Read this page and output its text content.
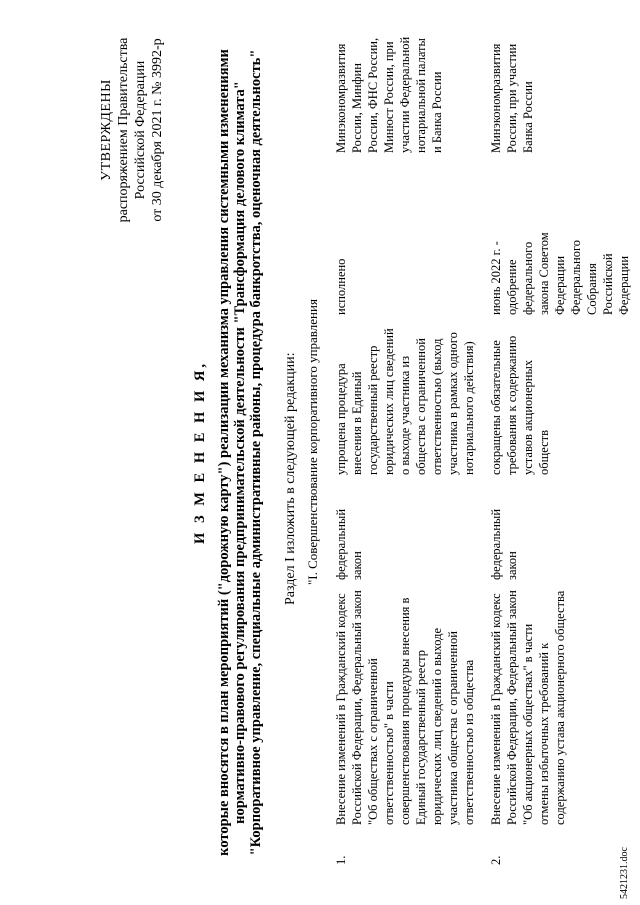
УТВЕРЖДЕНЫ распоряжением Правительства Российской Федерации от 30 декабря 2021 г. № 3992-р
И З М Е Н Е Н И Я, которые вносятся в план мероприятий ("дорожную карту") реализации механизма управления системными изменениями нормативно-правового регулирования предпринимательской деятельности "Трансформация делового климата" "Корпоративное управление, специальные административные районы, процедура банкротства, оценочная деятельность" Раздел I изложить в следующей редакции: "I. Совершенствование корпоративного управления
1.
Внесение изменений в Гражданский кодекс Российской Федерации, Федеральный закон "Об обществах с ограниченной ответственностью" в части совершенствования процедуры внесения в Единый государственный реестр юридических лиц сведений о выходе участника общества с ограниченной ответственностью из общества
федеральный закон
упрощена процедура внесения в Единый государственный реестр юридических лиц сведений о выходе участника из общества с ограниченной ответственностью (выход участника в рамках одного нотариального действия)
исполнено
Минэкономразвития России, Минфин России, ФНС России, Минюст России, при участии Федеральной нотариальной палаты и Банка России
2.
Внесение изменений в Гражданский кодекс Российской Федерации, Федеральный закон "Об акционерных обществах" в части отмены избыточных требований к содержанию устава акционерного общества
федеральный закон
сокращены обязательные требования к содержанию уставов акционерных обществ
июнь 2022 г. - одобрение федерального закона Советом Федерации Федерального Собрания Российской Федерации
Минэкономразвития России, при участии Банка России
5421231.doc
